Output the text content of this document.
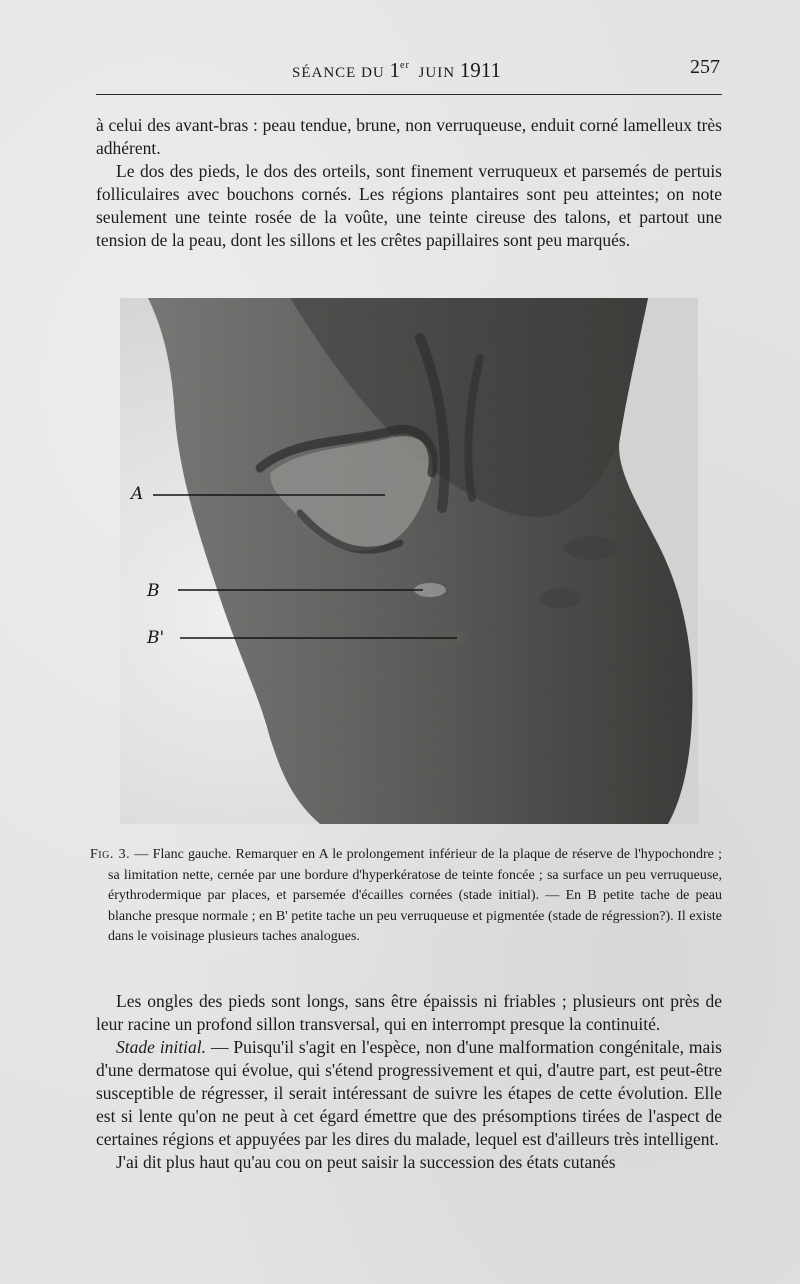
SÉANCE DU 1er JUIN 1911	257

à celui des avant-bras : peau tendue, brune, non verruqueuse, enduit corné lamelleux très adhérent.

Le dos des pieds, le dos des orteils, sont finement verruqueux et parsemés de pertuis folliculaires avec bouchons cornés. Les régions plantaires sont peu atteintes; on note seulement une teinte rosée de la voûte, une teinte cireuse des talons, et partout une tension de la peau, dont les sillons et les crêtes papillaires sont peu marqués.

A
B
B'

Fig. 3. — Flanc gauche. Remarquer en A le prolongement inférieur de la plaque de réserve de l'hypochondre ; sa limitation nette, cernée par une bordure d'hyperkératose de teinte foncée ; sa surface un peu verruqueuse, érythrodermique par places, et parsemée d'écailles cornées (stade initial). — En B petite tache de peau blanche presque normale ; en B' petite tache un peu verruqueuse et pigmentée (stade de régression?). Il existe dans le voisinage plusieurs taches analogues.

Les ongles des pieds sont longs, sans être épaissis ni friables ; plusieurs ont près de leur racine un profond sillon transversal, qui en interrompt presque la continuité.

Stade initial. — Puisqu'il s'agit en l'espèce, non d'une malformation congénitale, mais d'une dermatose qui évolue, qui s'étend progressivement et qui, d'autre part, est peut-être susceptible de régresser, il serait intéressant de suivre les étapes de cette évolution. Elle est si lente qu'on ne peut à cet égard émettre que des présomptions tirées de l'aspect de certaines régions et appuyées par les dires du malade, lequel est d'ailleurs très intelligent.

J'ai dit plus haut qu'au cou on peut saisir la succession des états cutanés
